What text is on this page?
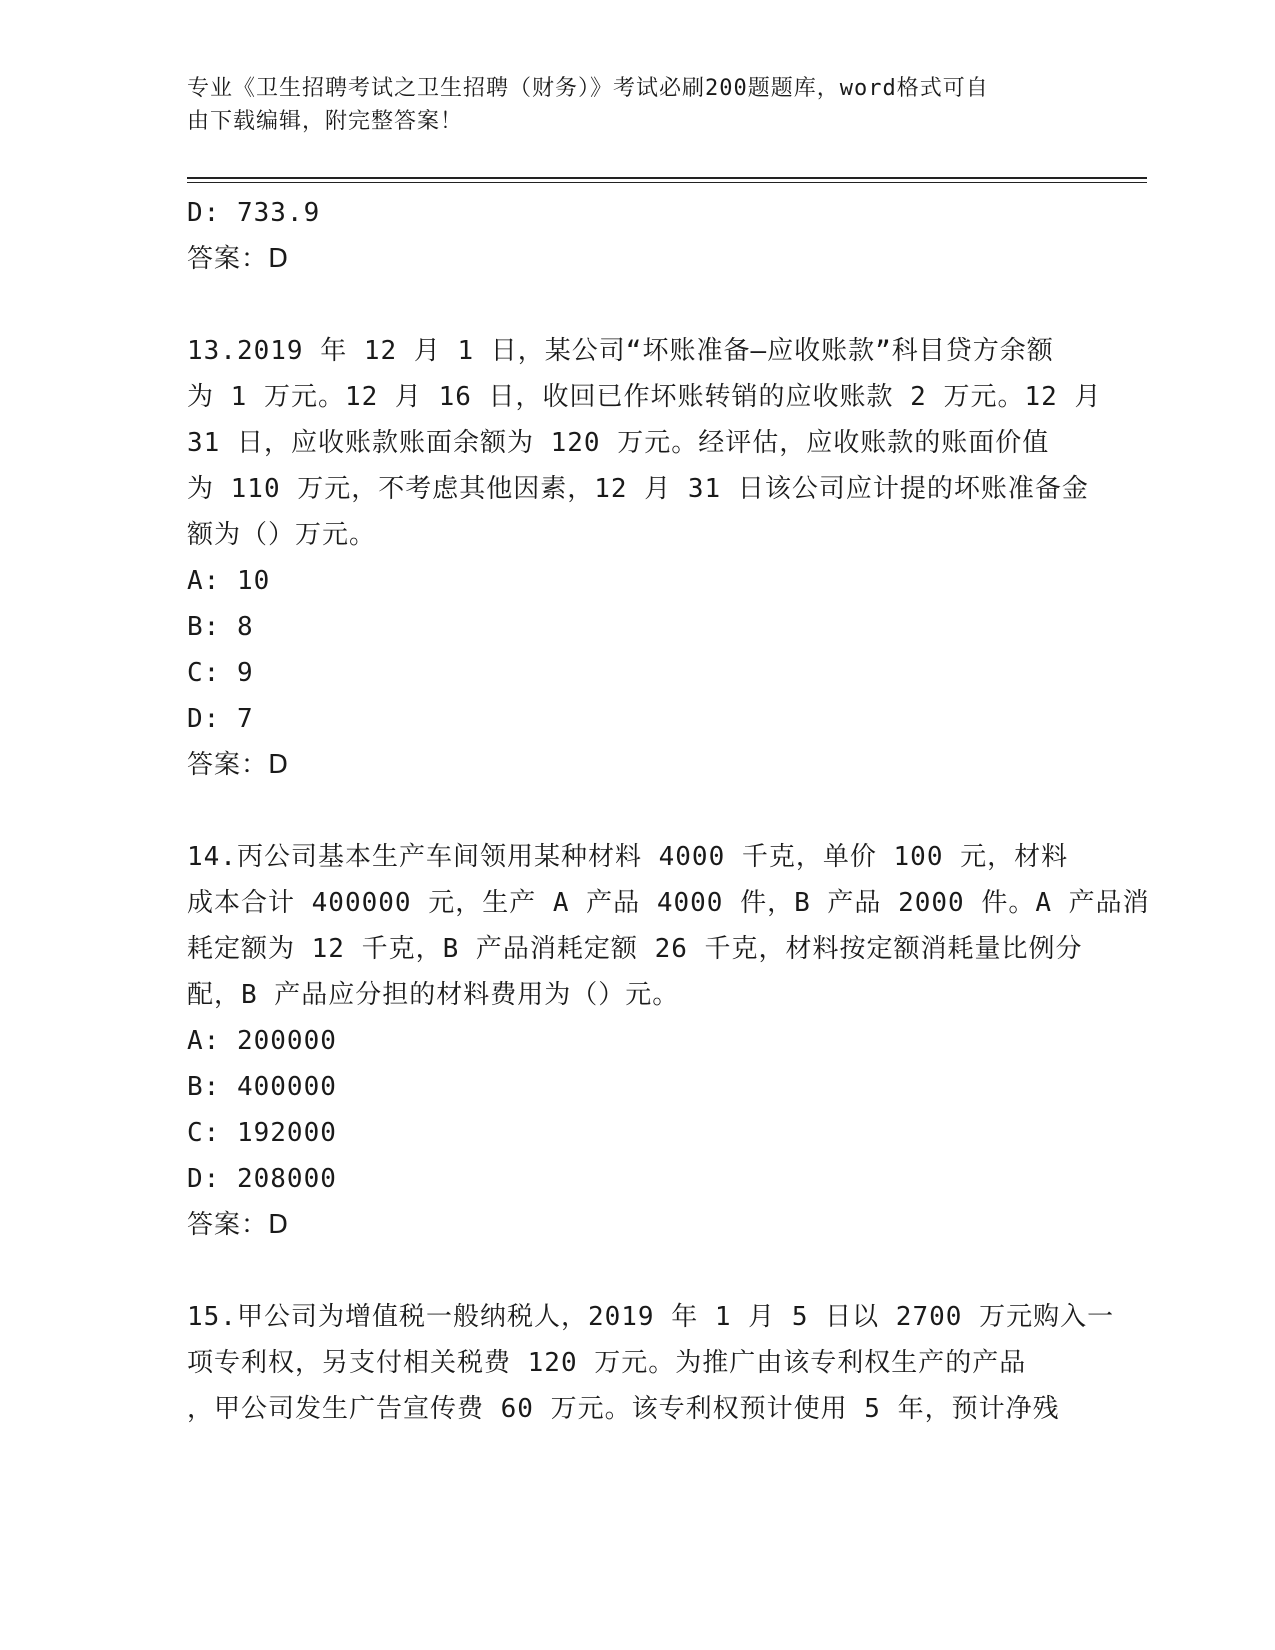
专业《卫生招聘考试之卫生招聘（财务）》考试必刷200题题库，word格式可自
由下载编辑，附完整答案！
D: 733.9
答案：D
13.2019 年 12 月 1 日，某公司“坏账准备—应收账款”科目贷方余额
为 1 万元。12 月 16 日，收回已作坏账转销的应收账款 2 万元。12 月
31 日，应收账款账面余额为 120 万元。经评估，应收账款的账面价值
为 110 万元，不考虑其他因素，12 月 31 日该公司应计提的坏账准备金
额为（）万元。
A: 10
B: 8
C: 9
D: 7
答案：D
14.丙公司基本生产车间领用某种材料 4000 千克，单价 100 元，材料
成本合计 400000 元，生产 A 产品 4000 件，B 产品 2000 件。A 产品消
耗定额为 12 千克，B 产品消耗定额 26 千克，材料按定额消耗量比例分
配，B 产品应分担的材料费用为（）元。
A: 200000
B: 400000
C: 192000
D: 208000
答案：D
15.甲公司为增值税一般纳税人，2019 年 1 月 5 日以 2700 万元购入一
项专利权，另支付相关税费 120 万元。为推广由该专利权生产的产品
，甲公司发生广告宣传费 60 万元。该专利权预计使用 5 年，预计净残
